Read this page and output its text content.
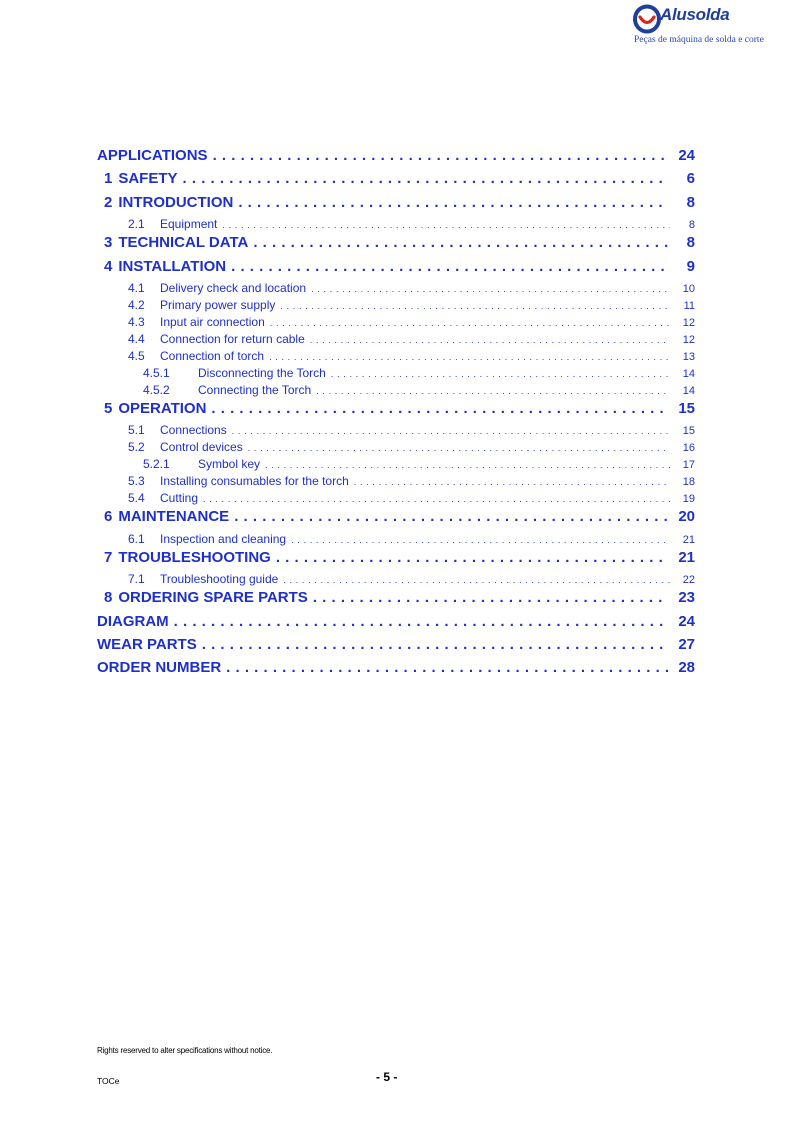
Alusolda
Peças de máquina de solda e corte
APPLICATIONS . . .	24
1 SAFETY . . .	6
2 INTRODUCTION . . .	8
2.1	Equipment . . .	8
3 TECHNICAL DATA . . .	8
4 INSTALLATION . . .	9
4.1	Delivery check and location . . .	10
4.2	Primary power supply . . .	11
4.3	Input air connection . . .	12
4.4	Connection for return cable . . .	12
4.5	Connection of torch . . .	13
4.5.1	Disconnecting the Torch . . .	14
4.5.2	Connecting the Torch . . .	14
5 OPERATION . . .	15
5.1	Connections . . .	15
5.2	Control devices . . .	16
5.2.1	Symbol key . . .	17
5.3	Installing consumables for the torch . . .	18
5.4	Cutting . . .	19
6 MAINTENANCE . . .	20
6.1	Inspection and cleaning . . .	21
7 TROUBLESHOOTING . . .	21
7.1	Troubleshooting guide . . .	22
8 ORDERING SPARE PARTS . . .	23
DIAGRAM . . .	24
WEAR PARTS . . .	27
ORDER NUMBER . . .	28
Rights reserved to alter specifications without notice.
TOCe	- 5 -
